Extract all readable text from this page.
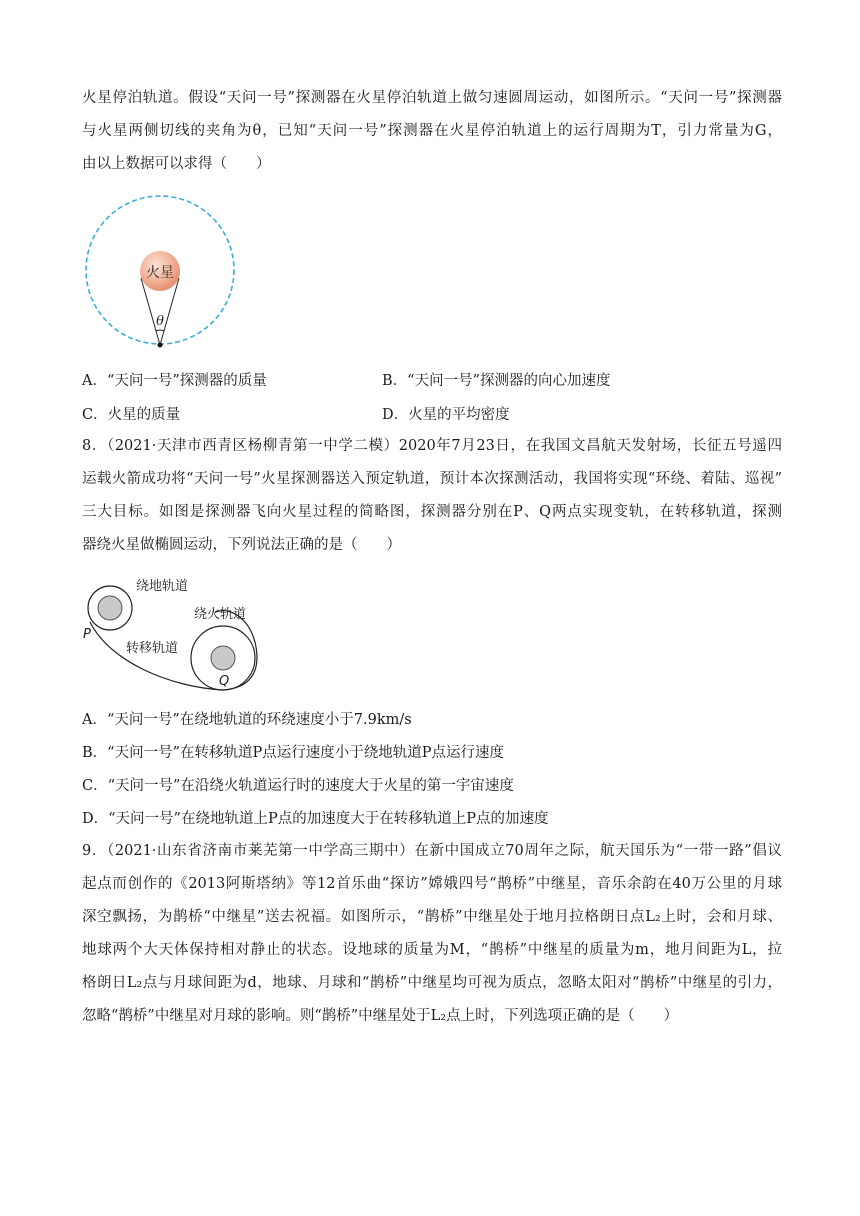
火星停泊轨道。假设“天问一号”探测器在火星停泊轨道上做匀速圆周运动，如图所示。“天问一号”探测器
与火星两侧切线的夹角为θ，已知“天问一号”探测器在火星停泊轨道上的运行周期为T，引力常量为G，
由以上数据可以求得（　　）
火星
θ
A．“天问一号”探测器的质量	B．“天问一号”探测器的向心加速度
C．火星的质量	D．火星的平均密度
8．（2021·天津市西青区杨柳青第一中学二模）2020年7月23日，在我国文昌航天发射场，长征五号遥四
运载火箭成功将“天问一号”火星探测器送入预定轨道，预计本次探测活动，我国将实现“环绕、着陆、巡视”
三大目标。如图是探测器飞向火星过程的简略图，探测器分别在P、Q两点实现变轨，在转移轨道，探测
器绕火星做椭圆运动，下列说法正确的是（　　）
绕地轨道
绕火轨道
转移轨道
P
Q
A．“天问一号”在绕地轨道的环绕速度小于7.9km/s
B．“天问一号”在转移轨道P点运行速度小于绕地轨道P点运行速度
C．“天问一号”在沿绕火轨道运行时的速度大于火星的第一宇宙速度
D．“天问一号”在绕地轨道上P点的加速度大于在转移轨道上P点的加速度
9．（2021·山东省济南市莱芜第一中学高三期中）在新中国成立70周年之际，航天国乐为“一带一路”倡议
起点而创作的《2013阿斯塔纳》等12首乐曲“探访”嫦娥四号“鹊桥”中继星，音乐余韵在40万公里的月球
深空飘扬，为鹊桥“中继星”送去祝福。如图所示，“鹊桥”中继星处于地月拉格朗日点L₂上时，会和月球、
地球两个大天体保持相对静止的状态。设地球的质量为M，“鹊桥”中继星的质量为m，地月间距为L，拉
格朗日L₂点与月球间距为d，地球、月球和“鹊桥”中继星均可视为质点，忽略太阳对“鹊桥”中继星的引力，
忽略“鹊桥”中继星对月球的影响。则“鹊桥”中继星处于L₂点上时，下列选项正确的是（　　）
